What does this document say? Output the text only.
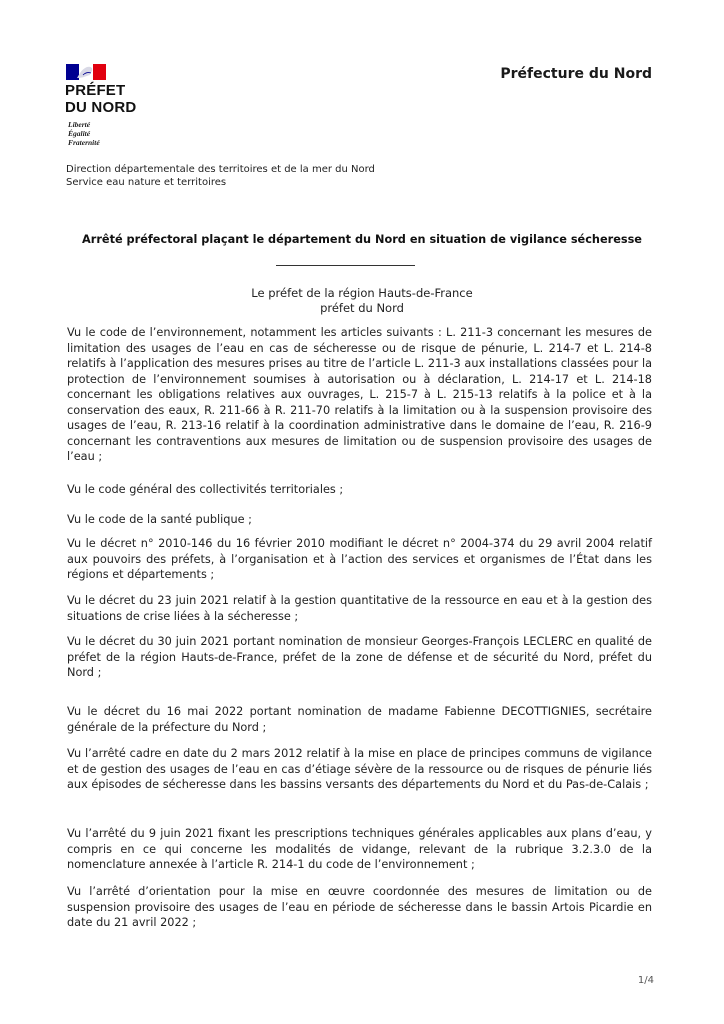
PRÉFET
DU NORD
Liberté
Égalité
Fraternité
Préfecture du Nord
Direction départementale des territoires et de la mer du Nord
Service eau nature et territoires
Arrêté préfectoral plaçant le département du Nord en situation de vigilance sécheresse
Le préfet de la région Hauts-de-France
préfet du Nord
Vu le code de l’environnement, notamment les articles suivants : L. 211-3 concernant les mesures de limitation des usages de l’eau en cas de sécheresse ou de risque de pénurie, L. 214-7 et L. 214-8 relatifs à l’application des mesures prises au titre de l’article L. 211-3 aux installations classées pour la protection de l’environnement soumises à autorisation ou à déclaration, L. 214-17 et L. 214-18 concernant les obligations relatives aux ouvrages, L. 215-7 à L. 215-13 relatifs à la police et à la conservation des eaux, R. 211-66 à R. 211-70 relatifs à la limitation ou à la suspension provisoire des usages de l’eau, R. 213-16 relatif à la coordination administrative dans le domaine de l’eau, R. 216-9 concernant les contraventions aux mesures de limitation ou de suspension provisoire des usages de l’eau ;
Vu le code général des collectivités territoriales ;
Vu le code de la santé publique ;
Vu le décret n° 2010-146 du 16 février 2010 modifiant le décret n° 2004-374 du 29 avril 2004 relatif aux pouvoirs des préfets, à l’organisation et à l’action des services et organismes de l’État dans les régions et départements ;
Vu le décret du 23 juin 2021 relatif à la gestion quantitative de la ressource en eau et à la gestion des situations de crise liées à la sécheresse ;
Vu le décret du 30 juin 2021 portant nomination de monsieur Georges-François LECLERC en qualité de préfet de la région Hauts-de-France, préfet de la zone de défense et de sécurité du Nord, préfet du Nord ;
Vu le décret du 16 mai 2022 portant nomination de madame Fabienne DECOTTIGNIES, secrétaire générale de la préfecture du Nord ;
Vu l’arrêté cadre en date du 2 mars 2012 relatif à la mise en place de principes communs de vigilance et de gestion des usages de l’eau en cas d’étiage sévère de la ressource ou de risques de pénurie liés aux épisodes de sécheresse dans les bassins versants des départements du Nord et du Pas-de-Calais ;
Vu l’arrêté du 9 juin 2021 fixant les prescriptions techniques générales applicables aux plans d’eau, y compris en ce qui concerne les modalités de vidange, relevant de la rubrique 3.2.3.0 de la nomenclature annexée à l’article R. 214-1 du code de l’environnement ;
Vu l’arrêté d’orientation pour la mise en œuvre coordonnée des mesures de limitation ou de suspension provisoire des usages de l’eau en période de sécheresse dans le bassin Artois Picardie en date du 21 avril 2022 ;
1/4
